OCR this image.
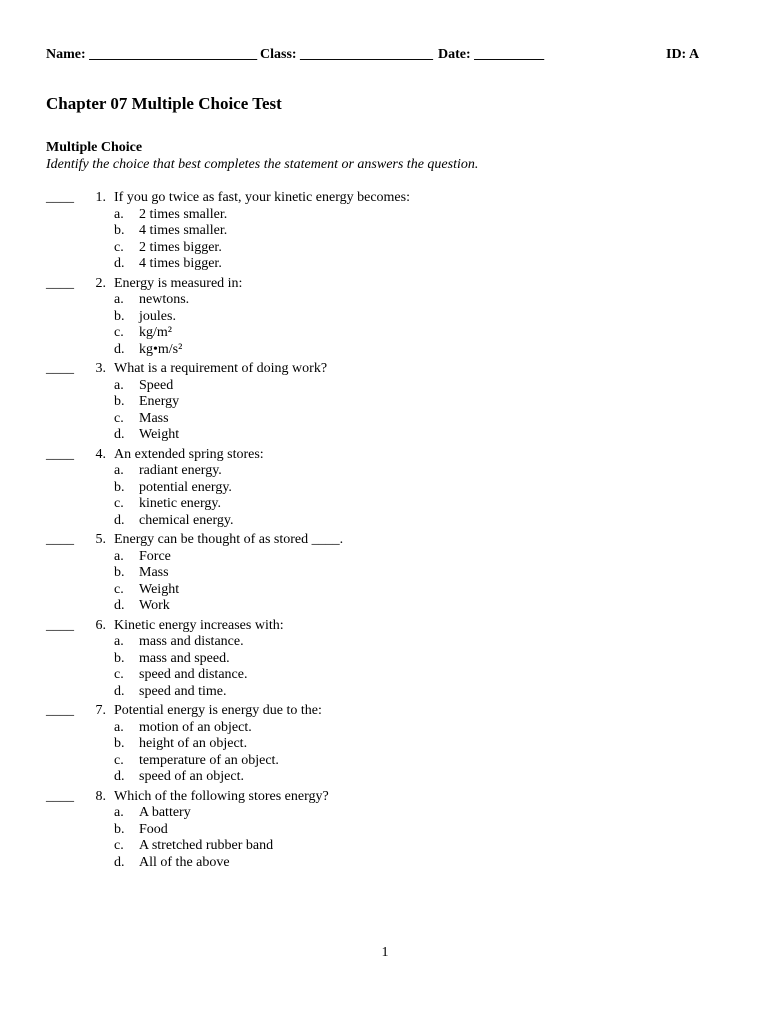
Name: ________________________ Class: ___________________ Date: __________	ID: A
Chapter 07 Multiple Choice Test
Multiple Choice
Identify the choice that best completes the statement or answers the question.
____	1. If you go twice as fast, your kinetic energy becomes:
a. 2 times smaller.
b. 4 times smaller.
c. 2 times bigger.
d. 4 times bigger.
____	2. Energy is measured in:
a. newtons.
b. joules.
c. kg/m²
d. kg•m/s²
____	3. What is a requirement of doing work?
a. Speed
b. Energy
c. Mass
d. Weight
____	4. An extended spring stores:
a. radiant energy.
b. potential energy.
c. kinetic energy.
d. chemical energy.
____	5. Energy can be thought of as stored ____.
a. Force
b. Mass
c. Weight
d. Work
____	6. Kinetic energy increases with:
a. mass and distance.
b. mass and speed.
c. speed and distance.
d. speed and time.
____	7. Potential energy is energy due to the:
a. motion of an object.
b. height of an object.
c. temperature of an object.
d. speed of an object.
____	8. Which of the following stores energy?
a. A battery
b. Food
c. A stretched rubber band
d. All of the above
1
